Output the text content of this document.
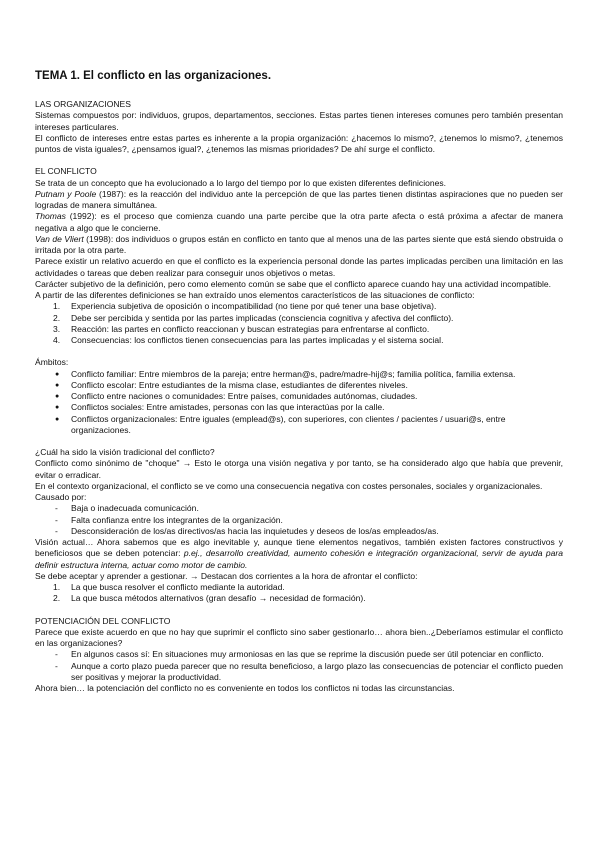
TEMA 1. El conflicto en las organizaciones.

LAS ORGANIZACIONES

Sistemas compuestos por: individuos, grupos, departamentos, secciones. Estas partes tienen intereses comunes pero también presentan intereses particulares.

El conflicto de intereses entre estas partes es inherente a la propia organización: ¿hacemos lo mismo?, ¿tenemos lo mismo?, ¿tenemos puntos de vista iguales?, ¿pensamos igual?, ¿tenemos las mismas prioridades? De ahí surge el conflicto.

EL CONFLICTO

Se trata de un concepto que ha evolucionado a lo largo del tiempo por lo que existen diferentes definiciones.

Putnam y Poole (1987): es la reacción del individuo ante la percepción de que las partes tienen distintas aspiraciones que no pueden ser logradas de manera simultánea.

Thomas (1992): es el proceso que comienza cuando una parte percibe que la otra parte afecta o está próxima a afectar de manera negativa a algo que le concierne.

Van de Vliert (1998): dos individuos o grupos están en conflicto en tanto que al menos una de las partes siente que está siendo obstruida o irritada por la otra parte.

Parece existir un relativo acuerdo en que el conflicto es la experiencia personal donde las partes implicadas perciben una limitación en las actividades o tareas que deben realizar para conseguir unos objetivos o metas.

Carácter subjetivo de la definición, pero como elemento común se sabe que el conflicto aparece cuando hay una actividad incompatible.

A partir de las diferentes definiciones se han extraído unos elementos característicos de las situaciones de conflicto:

1. Experiencia subjetiva de oposición o incompatibilidad (no tiene por qué tener una base objetiva).
2. Debe ser percibida y sentida por las partes implicadas (consciencia cognitiva y afectiva del conflicto).
3. Reacción: las partes en conflicto reaccionan y buscan estrategias para enfrentarse al conflicto.
4. Consecuencias: los conflictos tienen consecuencias para las partes implicadas y el sistema social.

Ámbitos:

● Conflicto familiar: Entre miembros de la pareja; entre herman@s, padre/madre-hij@s; familia política, familia extensa.
● Conflicto escolar: Entre estudiantes de la misma clase, estudiantes de diferentes niveles.
● Conflicto entre naciones o comunidades: Entre países, comunidades autónomas, ciudades.
● Conflictos sociales: Entre amistades, personas con las que interactúas por la calle.
● Conflictos organizacionales: Entre iguales (emplead@s), con superiores, con clientes / pacientes / usuari@s, entre organizaciones.

¿Cuál ha sido la visión tradicional del conflicto?

Conflicto como sinónimo de "choque" → Esto le otorga una visión negativa y por tanto, se ha considerado algo que había que prevenir, evitar o erradicar.

En el contexto organizacional, el conflicto se ve como una consecuencia negativa con costes personales, sociales y organizacionales.

Causado por:

- Baja o inadecuada comunicación.
- Falta confianza entre los integrantes de la organización.
- Desconsideración de los/as directivos/as hacia las inquietudes y deseos de los/as empleados/as.

Visión actual… Ahora sabemos que es algo inevitable y, aunque tiene elementos negativos, también existen factores constructivos y beneficiosos que se deben potenciar: p.ej., desarrollo creatividad, aumento cohesión e integración organizacional, servir de ayuda para definir estructura interna, actuar como motor de cambio.

Se debe aceptar y aprender a gestionar. → Destacan dos corrientes a la hora de afrontar el conflicto:

1. La que busca resolver el conflicto mediante la autoridad.
2. La que busca métodos alternativos (gran desafío → necesidad de formación).

POTENCIACIÓN DEL CONFLICTO

Parece que existe acuerdo en que no hay que suprimir el conflicto sino saber gestionarlo… ahora bien..¿Deberíamos estimular el conflicto en las organizaciones?

- En algunos casos sí: En situaciones muy armoniosas en las que se reprime la discusión puede ser útil potenciar en conflicto.
- Aunque a corto plazo pueda parecer que no resulta beneficioso, a largo plazo las consecuencias de potenciar el conflicto pueden ser positivas y mejorar la productividad.

Ahora bien… la potenciación del conflicto no es conveniente en todos los conflictos ni todas las circunstancias.
